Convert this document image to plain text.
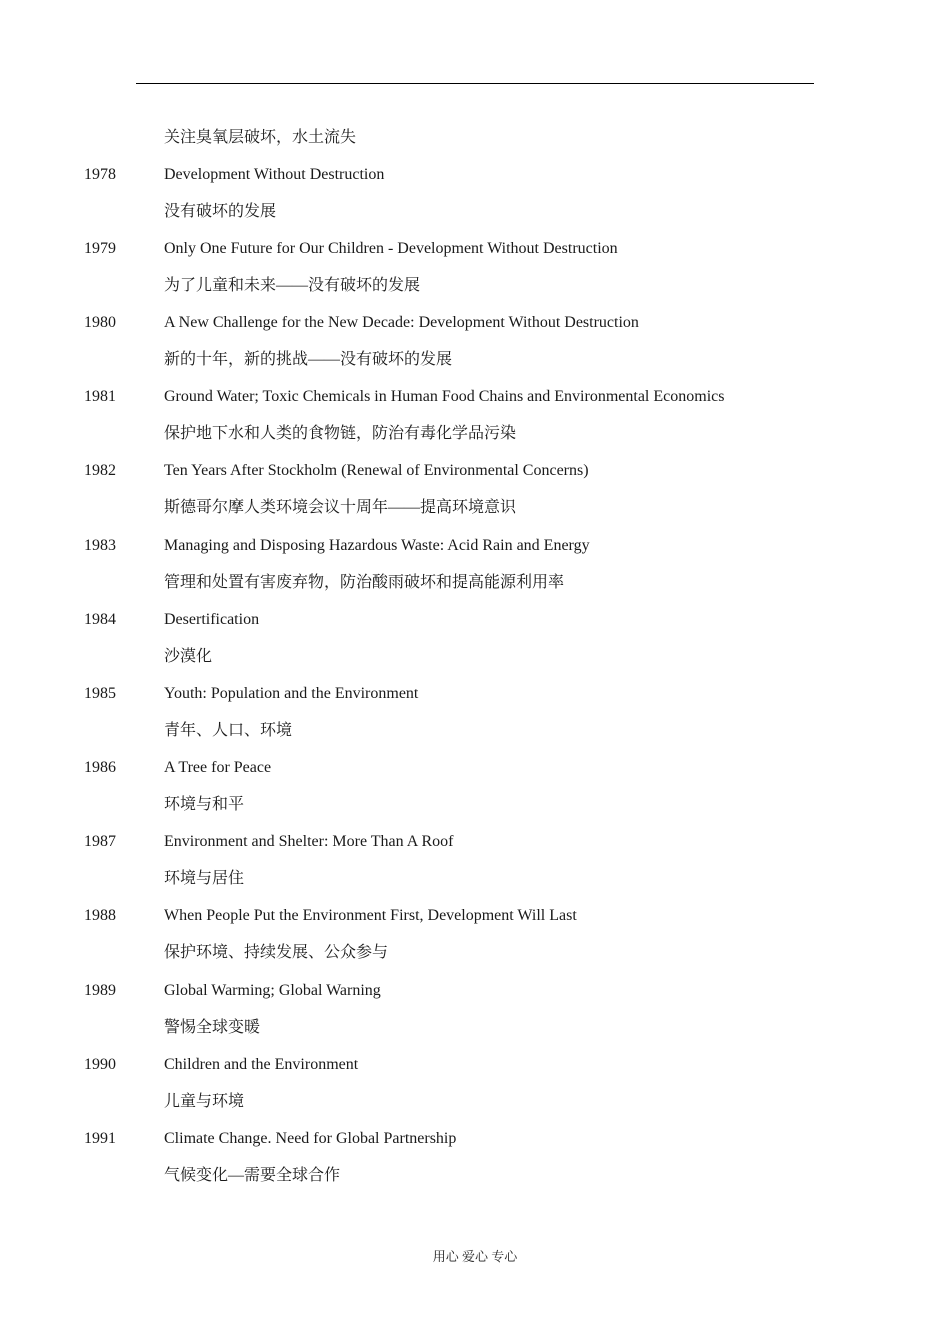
关注臭氧层破坏，水土流失
1978	Development Without Destruction
没有破坏的发展
1979	Only One Future for Our Children - Development Without Destruction
为了儿童和未来——没有破坏的发展
1980	A New Challenge for the New Decade: Development Without Destruction
新的十年，新的挑战——没有破坏的发展
1981	Ground Water; Toxic Chemicals in Human Food Chains and Environmental Economics
保护地下水和人类的食物链，防治有毒化学品污染
1982	Ten Years After Stockholm (Renewal of Environmental Concerns)
斯德哥尔摩人类环境会议十周年——提高环境意识
1983	Managing and Disposing Hazardous Waste: Acid Rain and Energy
管理和处置有害废弃物，防治酸雨破坏和提高能源利用率
1984	Desertification
沙漠化
1985	Youth: Population and the Environment
青年、人口、环境
1986	A Tree for Peace
环境与和平
1987	Environment and Shelter: More Than A Roof
环境与居住
1988	When People Put the Environment First, Development Will Last
保护环境、持续发展、公众参与
1989	Global Warming; Global Warning
警惕全球变暖
1990	Children and the Environment
儿童与环境
1991	Climate Change. Need for Global Partnership
气候变化—需要全球合作
用心 爱心 专心
